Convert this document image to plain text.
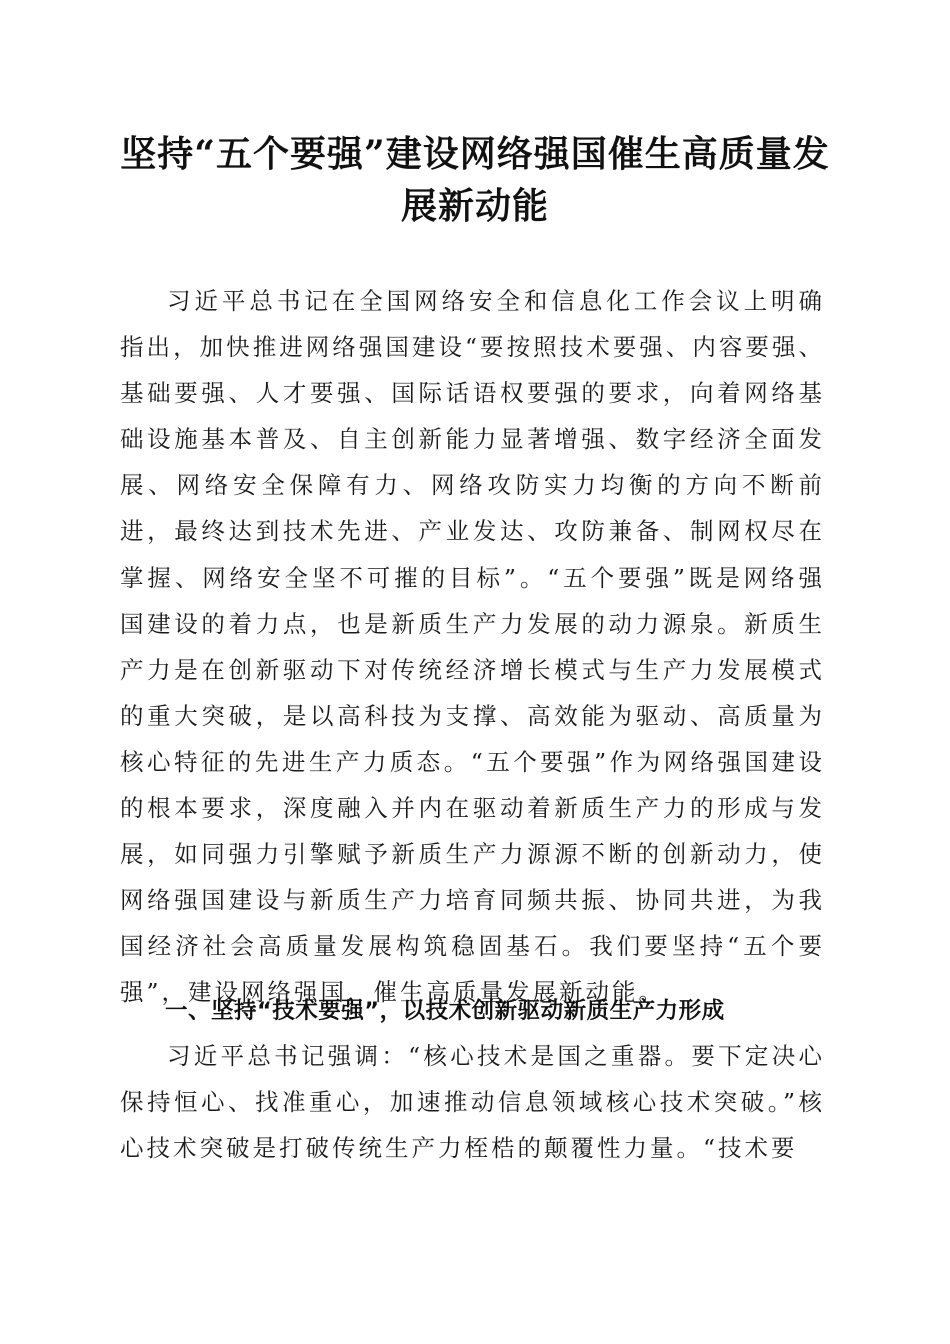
坚持“五个要强”建设网络强国催生高质量发展新动能

习近平总书记在全国网络安全和信息化工作会议上明确指出，加快推进网络强国建设“要按照技术要强、内容要强、基础要强、人才要强、国际话语权要强的要求，向着网络基础设施基本普及、自主创新能力显著增强、数字经济全面发展、网络安全保障有力、网络攻防实力均衡的方向不断前进，最终达到技术先进、产业发达、攻防兼备、制网权尽在掌握、网络安全坚不可摧的目标”。“五个要强”既是网络强国建设的着力点，也是新质生产力发展的动力源泉。新质生产力是在创新驱动下对传统经济增长模式与生产力发展模式的重大突破，是以高科技为支撑、高效能为驱动、高质量为核心特征的先进生产力质态。“五个要强”作为网络强国建设的根本要求，深度融入并内在驱动着新质生产力的形成与发展，如同强力引擎赋予新质生产力源源不断的创新动力，使网络强国建设与新质生产力培育同频共振、协同共进，为我国经济社会高质量发展构筑稳固基石。我们要坚持“五个要强”，建设网络强国，催生高质量发展新动能。

一、坚持“技术要强”，以技术创新驱动新质生产力形成

习近平总书记强调：“核心技术是国之重器。要下定决心保持恒心、找准重心，加速推动信息领域核心技术突破。”核心技术突破是打破传统生产力桎梏的颠覆性力量。“技术要
